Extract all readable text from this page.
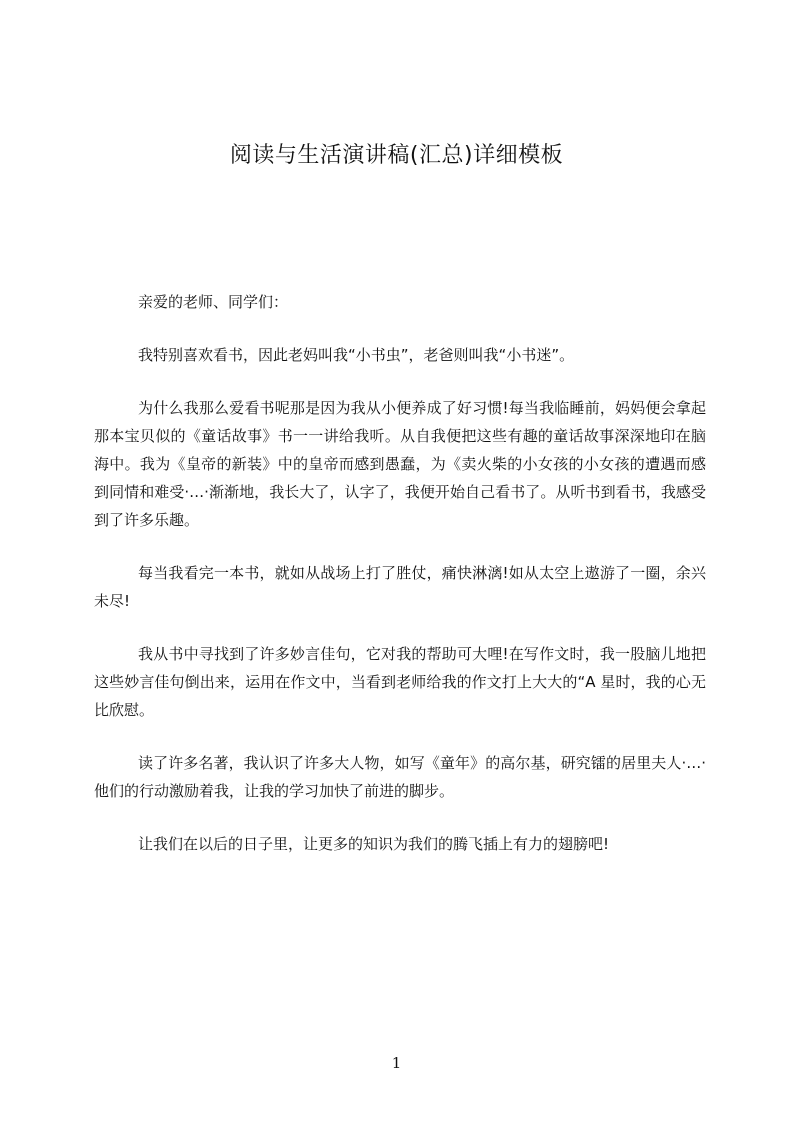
阅读与生活演讲稿(汇总)详细模板

亲爱的老师、同学们：

我特别喜欢看书，因此老妈叫我“小书虫”，老爸则叫我“小书迷”。

为什么我那么爱看书呢那是因为我从小便养成了好习惯!每当我临睡前，妈妈便会拿起那本宝贝似的《童话故事》书一一讲给我听。从自我便把这些有趣的童话故事深深地印在脑海中。我为《皇帝的新装》中的皇帝而感到愚蠢，为《卖火柴的小女孩的小女孩的遭遇而感到同情和难受·…·渐渐地，我长大了，认字了，我便开始自己看书了。从听书到看书，我感受到了许多乐趣。

每当我看完一本书，就如从战场上打了胜仗，痛快淋漓!如从太空上遨游了一圈，余兴未尽!

我从书中寻找到了许多妙言佳句，它对我的帮助可大哩!在写作文时，我一股脑儿地把这些妙言佳句倒出来，运用在作文中，当看到老师给我的作文打上大大的“A 星时，我的心无比欣慰。

读了许多名著，我认识了许多大人物，如写《童年》的高尔基，研究镭的居里夫人·…·他们的行动激励着我，让我的学习加快了前进的脚步。

让我们在以后的日子里，让更多的知识为我们的腾飞插上有力的翅膀吧!

1
